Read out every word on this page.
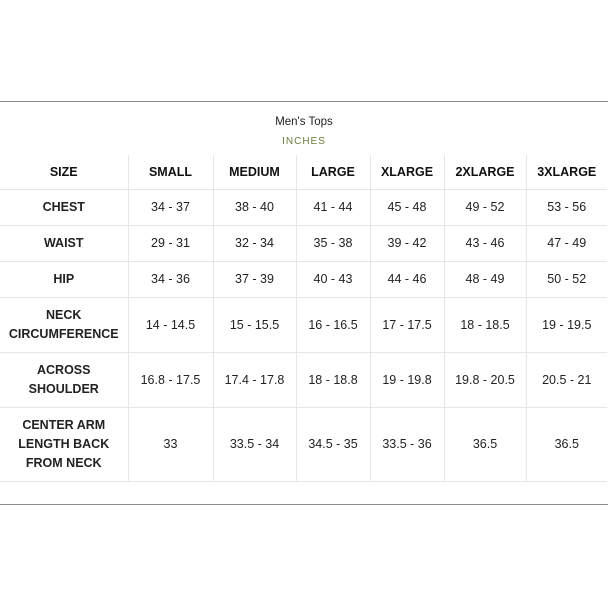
Men's Tops
INCHES
SIZE	SMALL	MEDIUM	LARGE	XLARGE	2XLARGE	3XLARGE

CHEST	34 - 37	38 - 40	41 - 44	45 - 48	49 - 52	53 - 56

WAIST	29 - 31	32 - 34	35 - 38	39 - 42	43 - 46	47 - 49

HIP	34 - 36	37 - 39	40 - 43	44 - 46	48 - 49	50 - 52

NECK
CIRCUMFERENCE	14 - 14.5	15 - 15.5	16 - 16.5	17 - 17.5	18 - 18.5	19 - 19.5

ACROSS
SHOULDER	16.8 - 17.5	17.4 - 17.8	18 - 18.8	19 - 19.8	19.8 - 20.5	20.5 - 21

CENTER ARM
LENGTH BACK
FROM NECK	33	33.5 - 34	34.5 - 35	33.5 - 36	36.5	36.5
